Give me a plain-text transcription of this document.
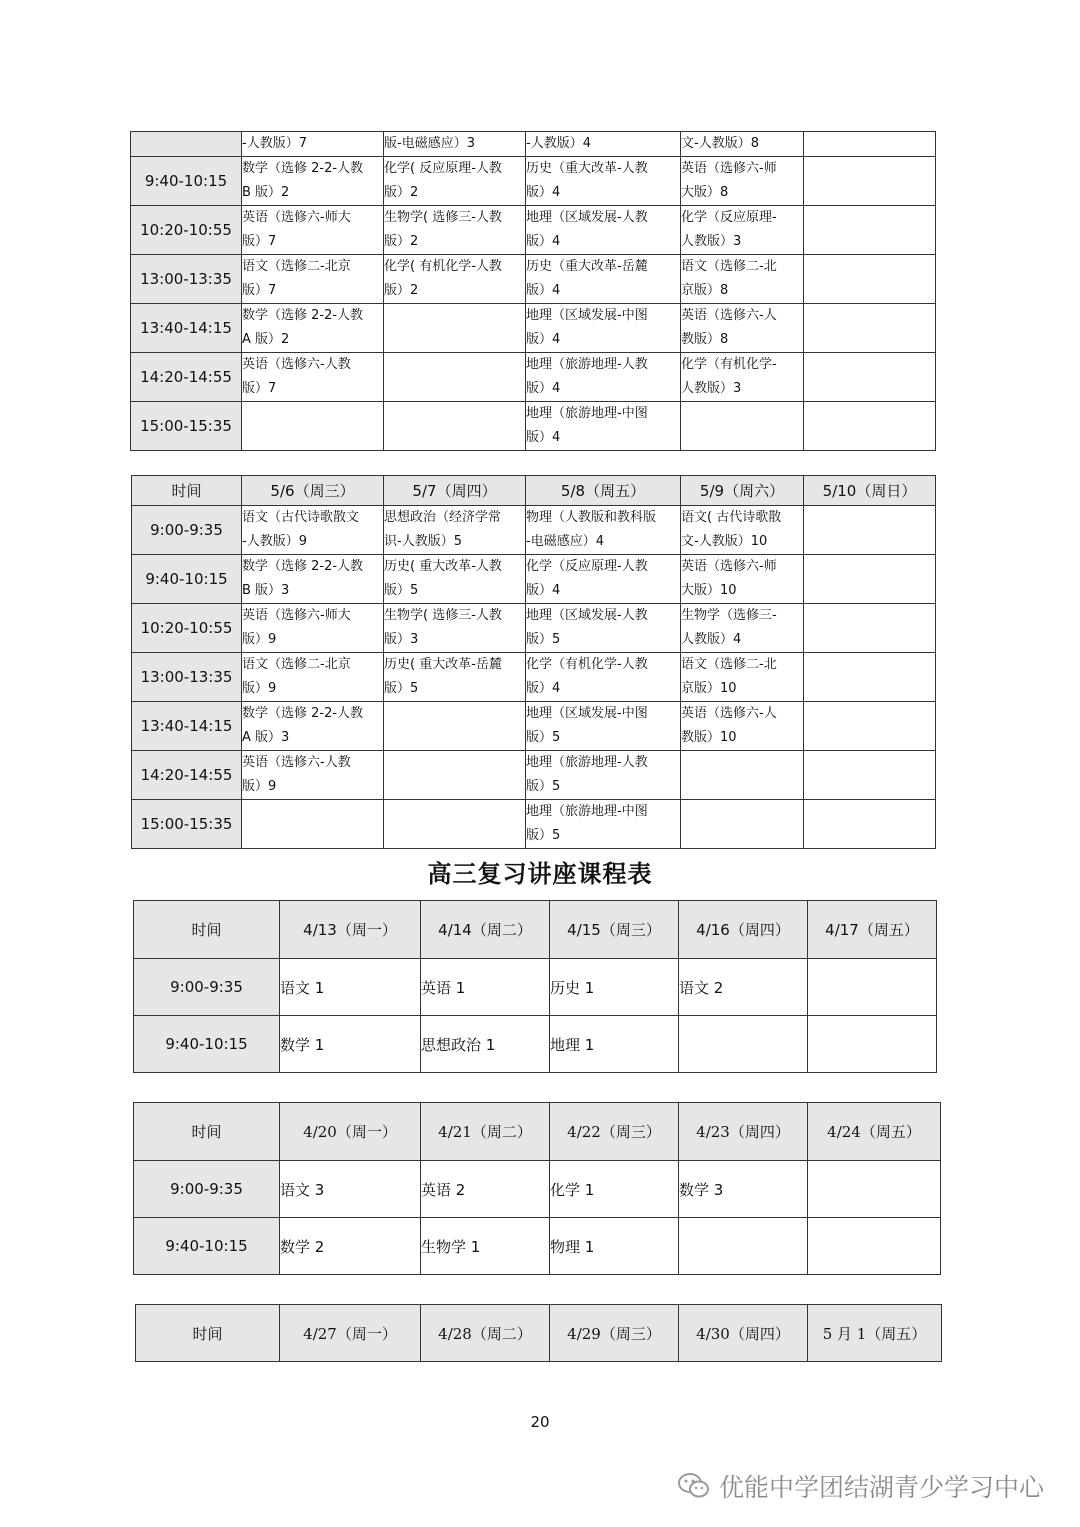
	-人教版）7	版-电磁感应）3	-人教版）4	文-人教版）8	
9:40-10:15	数学（选修 2-2-人教
B 版）2	化学( 反应原理-人教
版）2	历史（重大改革-人教
版）4	英语（选修六-师
大版）8	
10:20-10:55	英语（选修六-师大
版）7	生物学( 选修三-人教
版）2	地理（区域发展-人教
版）4	化学（反应原理-
人教版）3	
13:00-13:35	语文（选修二-北京
版）7	化学( 有机化学-人教
版）2	历史（重大改革-岳麓
版）4	语文（选修二-北
京版）8	
13:40-14:15	数学（选修 2-2-人教
A 版）2		地理（区域发展-中图
版）4	英语（选修六-人
教版）8	
14:20-14:55	英语（选修六-人教
版）7		地理（旅游地理-人教
版）4	化学（有机化学-
人教版）3	
15:00-15:35			地理（旅游地理-中图
版）4		
时间	5/6（周三）	5/7（周四）	5/8（周五）	5/9（周六）	5/10（周日）
9:00-9:35	语文（古代诗歌散文
-人教版）9	思想政治（经济学常
识-人教版）5	物理（人教版和教科版
-电磁感应）4	语文( 古代诗歌散
文-人教版）10	
9:40-10:15	数学（选修 2-2-人教
B 版）3	历史( 重大改革-人教
版）5	化学（反应原理-人教
版）4	英语（选修六-师
大版）10	
10:20-10:55	英语（选修六-师大
版）9	生物学( 选修三-人教
版）3	地理（区域发展-人教
版）5	生物学（选修三-
人教版）4	
13:00-13:35	语文（选修二-北京
版）9	历史( 重大改革-岳麓
版）5	化学（有机化学-人教
版）4	语文（选修二-北
京版）10	
13:40-14:15	数学（选修 2-2-人教
A 版）3		地理（区域发展-中图
版）5	英语（选修六-人
教版）10	
14:20-14:55	英语（选修六-人教
版）9		地理（旅游地理-人教
版）5		
15:00-15:35			地理（旅游地理-中图
版）5		
高三复习讲座课程表
时间	4/13（周一）	4/14（周二）	4/15（周三）	4/16（周四）	4/17（周五）
9:00-9:35	语文 1	英语 1	历史 1	语文 2	
9:40-10:15	数学 1	思想政治 1	地理 1		
时间	4/20（周一）	4/21（周二）	4/22（周三）	4/23（周四）	4/24（周五）
9:00-9:35	语文 3	英语 2	化学 1	数学 3	
9:40-10:15	数学 2	生物学 1	物理 1		
时间	4/27（周一）	4/28（周二）	4/29（周三）	4/30（周四）	5 月 1（周五）
20
优能中学团结湖青少学习中心
